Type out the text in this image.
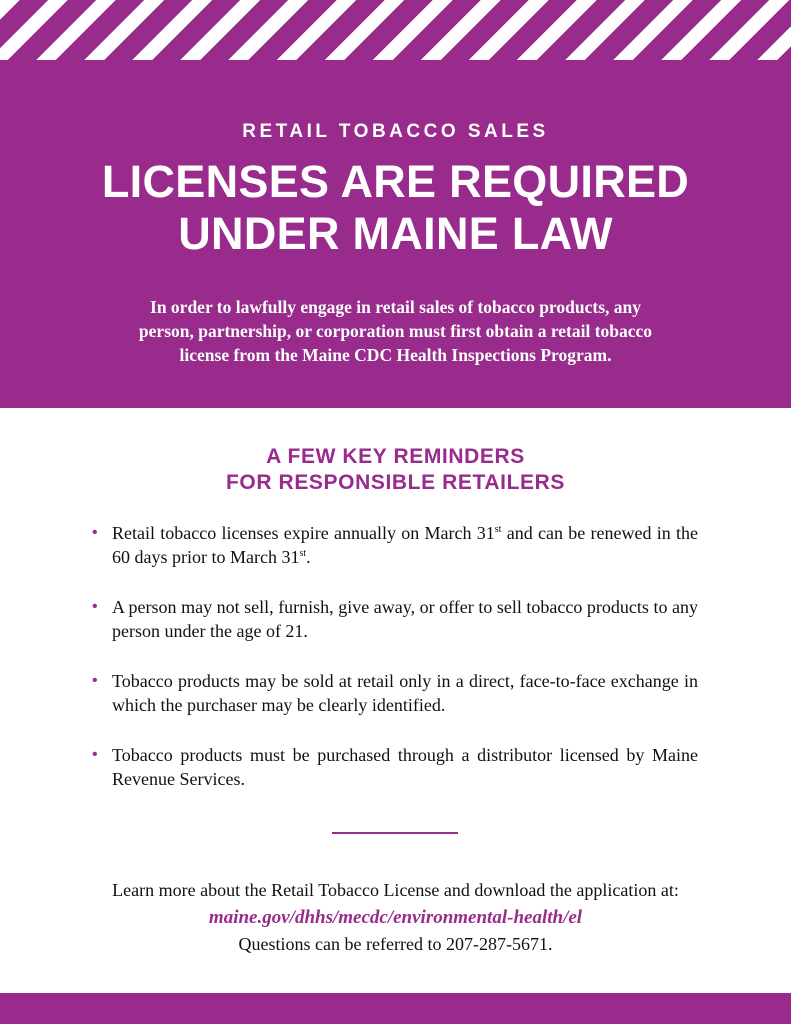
RETAIL TOBACCO SALES
LICENSES ARE REQUIRED
UNDER MAINE LAW

In order to lawfully engage in retail sales of tobacco products, any
person, partnership, or corporation must first obtain a retail tobacco
license from the Maine CDC Health Inspections Program.

A FEW KEY REMINDERS
FOR RESPONSIBLE RETAILERS
• Retail tobacco licenses expire annually on March 31st and can be renewed in the 60 days prior to March 31st.
• A person may not sell, furnish, give away, or offer to sell tobacco products to any person under the age of 21.
• Tobacco products may be sold at retail only in a direct, face-to-face exchange in which the purchaser may be clearly identified.
• Tobacco products must be purchased through a distributor licensed by Maine Revenue Services.
Learn more about the Retail Tobacco License and download the application at:
maine.gov/dhhs/mecdc/environmental-health/el
Questions can be referred to 207-287-5671.
